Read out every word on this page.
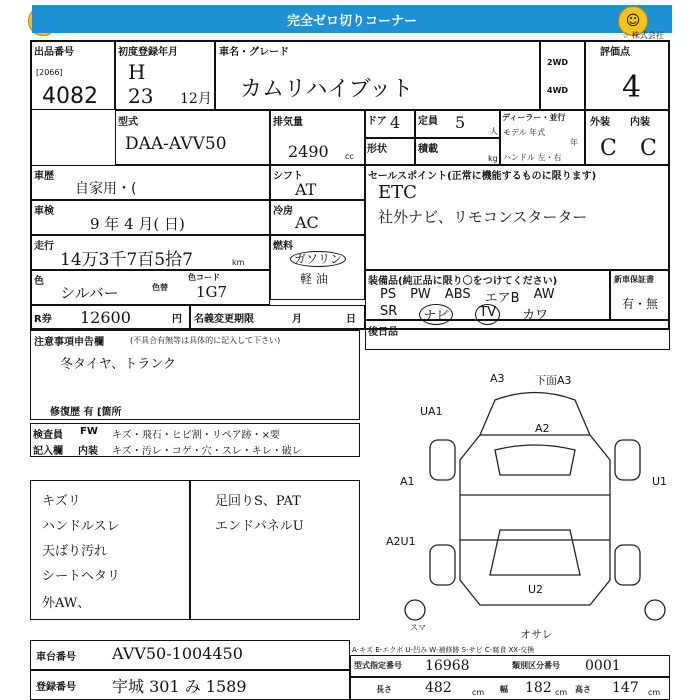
完全ゼロ切りコーナー	☺
出品番号
[2066]
4082
初度登録年月
H
23 12月
車名・グレード
カムリハイブット
2WD
4WD
評価点
☆ 株式会社
4
型式
DAA-AVV50
排気量
2490 cc
ドア 4 定員 5	人
ディーラー・並行
モデル 年式
年
ハンドル 左・右
形状	積載
kg
外装 内装
C C
車歴
自家用・(
シフト
AT
セールスポイント(正常に機能するものに限ります)
ETC
社外ナビ、リモコンスターター
車検
9 年 4 月( 日)
冷房
AC
走行
14万3千7百5拾7	km
燃料
ガソリン
軽 油
色
シルバー	色替
色コード
1G7
装備品(純正品に限り〇をつけてください)
PS PW ABS エアB AW
SR	ナビ	TV	カワ
新車保証書
有・無
R券 12600	円 名義変更期限	月	日
後日品
注意事項申告欄	(不具合有無等は具体的に記入して下さい)
冬タイヤ、トランク
修復歴 有 [箇所
検査員
記入欄
FW
内装
キズ・飛石・ヒビ割・リペア跡・×要
キズ・汚レ・コゲ・穴・スレ・キレ・破レ
キズリ
ハンドルスレ
天ばり汚れ
シートヘタリ
外AW、
足回りS、PAT
エンドパネルU
A3	下面A3
UA1
A2
A1	U1
A2U1
U2
オサレ
スマ
車台番号 AVV50-1004450
登録番号 宇城 301 み 1589
A-キズ E-エクボ U-凹み W-補修跡 S-サビ C-腐食 XX-交換
型式指定番号 16968	類別区分番号 0001
長さ 482	cm 幅 182 cm 高さ 147 cm
